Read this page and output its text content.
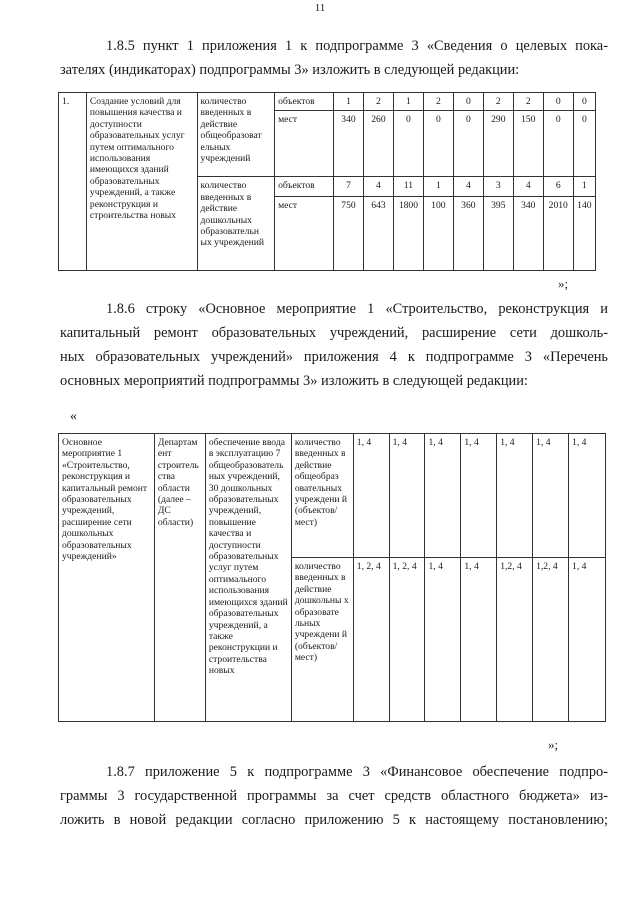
11
1.8.5 пункт 1 приложения 1 к подпрограмме 3 «Сведения о целевых пока-
зателях (индикаторах) подпрограммы 3» изложить в следующей редакции:
1.	Создание условий для повышения качества и доступности образовательных услуг путем оптимального использования имеющихся зданий образовательных учреждений, а также реконструкция и строительства новых	количество введенных в действие общеобразоват ельных учреждений	объектов	1	2	1	2	0	2	2	0	0
			мест	340	260	0	0	0	290	150	0	0
		количество введенных в действие дошкольных образовательн ых учреждений	объектов	7	4	11	1	4	3	4	6	1
			мест	750	643	1800	100	360	395	340	2010	140
»;
1.8.6 строку «Основное мероприятие 1 «Строительство, реконструкция и
капитальный ремонт образовательных учреждений, расширение сети дошколь-
ных образовательных учреждений» приложения 4 к подпрограмме 3 «Перечень
основных мероприятий подпрограммы 3» изложить в следующей редакции:
«
Основное мероприятие 1 «Строительство, реконструкция и капитальный ремонт образовательных учреждений, расширение сети дошкольных образовательных учреждений»	Департам ент строитель ства области (далее – ДС области)	обеспечение ввода в эксплуатацию 7 общеобразователь ных учреждений, 30 дошкольных образовательных учреждений, повышение качества и доступности образовательных услуг путем оптимального использования имеющихся зданий образовательных учреждений, а также реконструкции и строительства новых	количество введенных в действие общеобраз овательных учреждени й (объектов/ мест)	1, 4	1, 4	1, 4	1, 4	1, 4	1, 4	1, 4
			количество введенных в действие дошкольны х образовате льных учреждени й (объектов/ мест)	1, 2, 4	1, 2, 4	1, 4	1, 4	1,2, 4	1,2, 4	1, 4
»;
1.8.7 приложение 5 к подпрограмме 3 «Финансовое обеспечение подпро-
граммы 3 государственной программы за счет средств областного бюджета» из-
ложить в новой редакции согласно приложению 5 к настоящему постановлению;
